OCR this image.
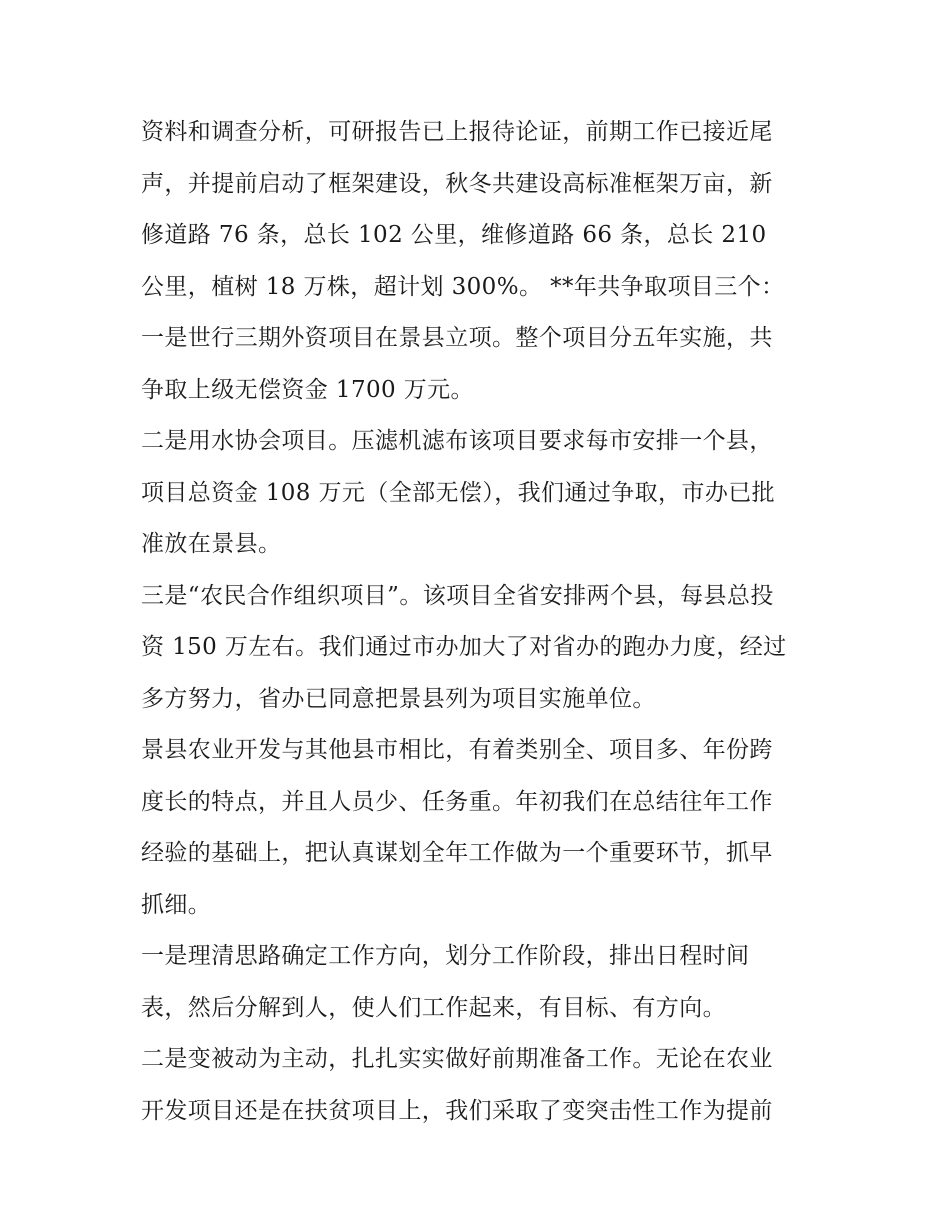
资料和调查分析，可研报告已上报待论证，前期工作已接近尾
声，并提前启动了框架建设，秋冬共建设高标准框架万亩，新
修道路 76 条，总长 102 公里，维修道路 66 条，总长 210
公里，植树 18 万株，超计划 300%。 **年共争取项目三个：
一是世行三期外资项目在景县立项。整个项目分五年实施，共
争取上级无偿资金 1700 万元。
二是用水协会项目。压滤机滤布该项目要求每市安排一个县，
项目总资金 108 万元（全部无偿），我们通过争取，市办已批
准放在景县。
三是“农民合作组织项目”。该项目全省安排两个县，每县总投
资 150 万左右。我们通过市办加大了对省办的跑办力度，经过
多方努力，省办已同意把景县列为项目实施单位。
景县农业开发与其他县市相比，有着类别全、项目多、年份跨
度长的特点，并且人员少、任务重。年初我们在总结往年工作
经验的基础上，把认真谋划全年工作做为一个重要环节，抓早
抓细。
一是理清思路确定工作方向，划分工作阶段，排出日程时间
表，然后分解到人，使人们工作起来，有目标、有方向。
二是变被动为主动，扎扎实实做好前期准备工作。无论在农业
开发项目还是在扶贫项目上，我们采取了变突击性工作为提前
